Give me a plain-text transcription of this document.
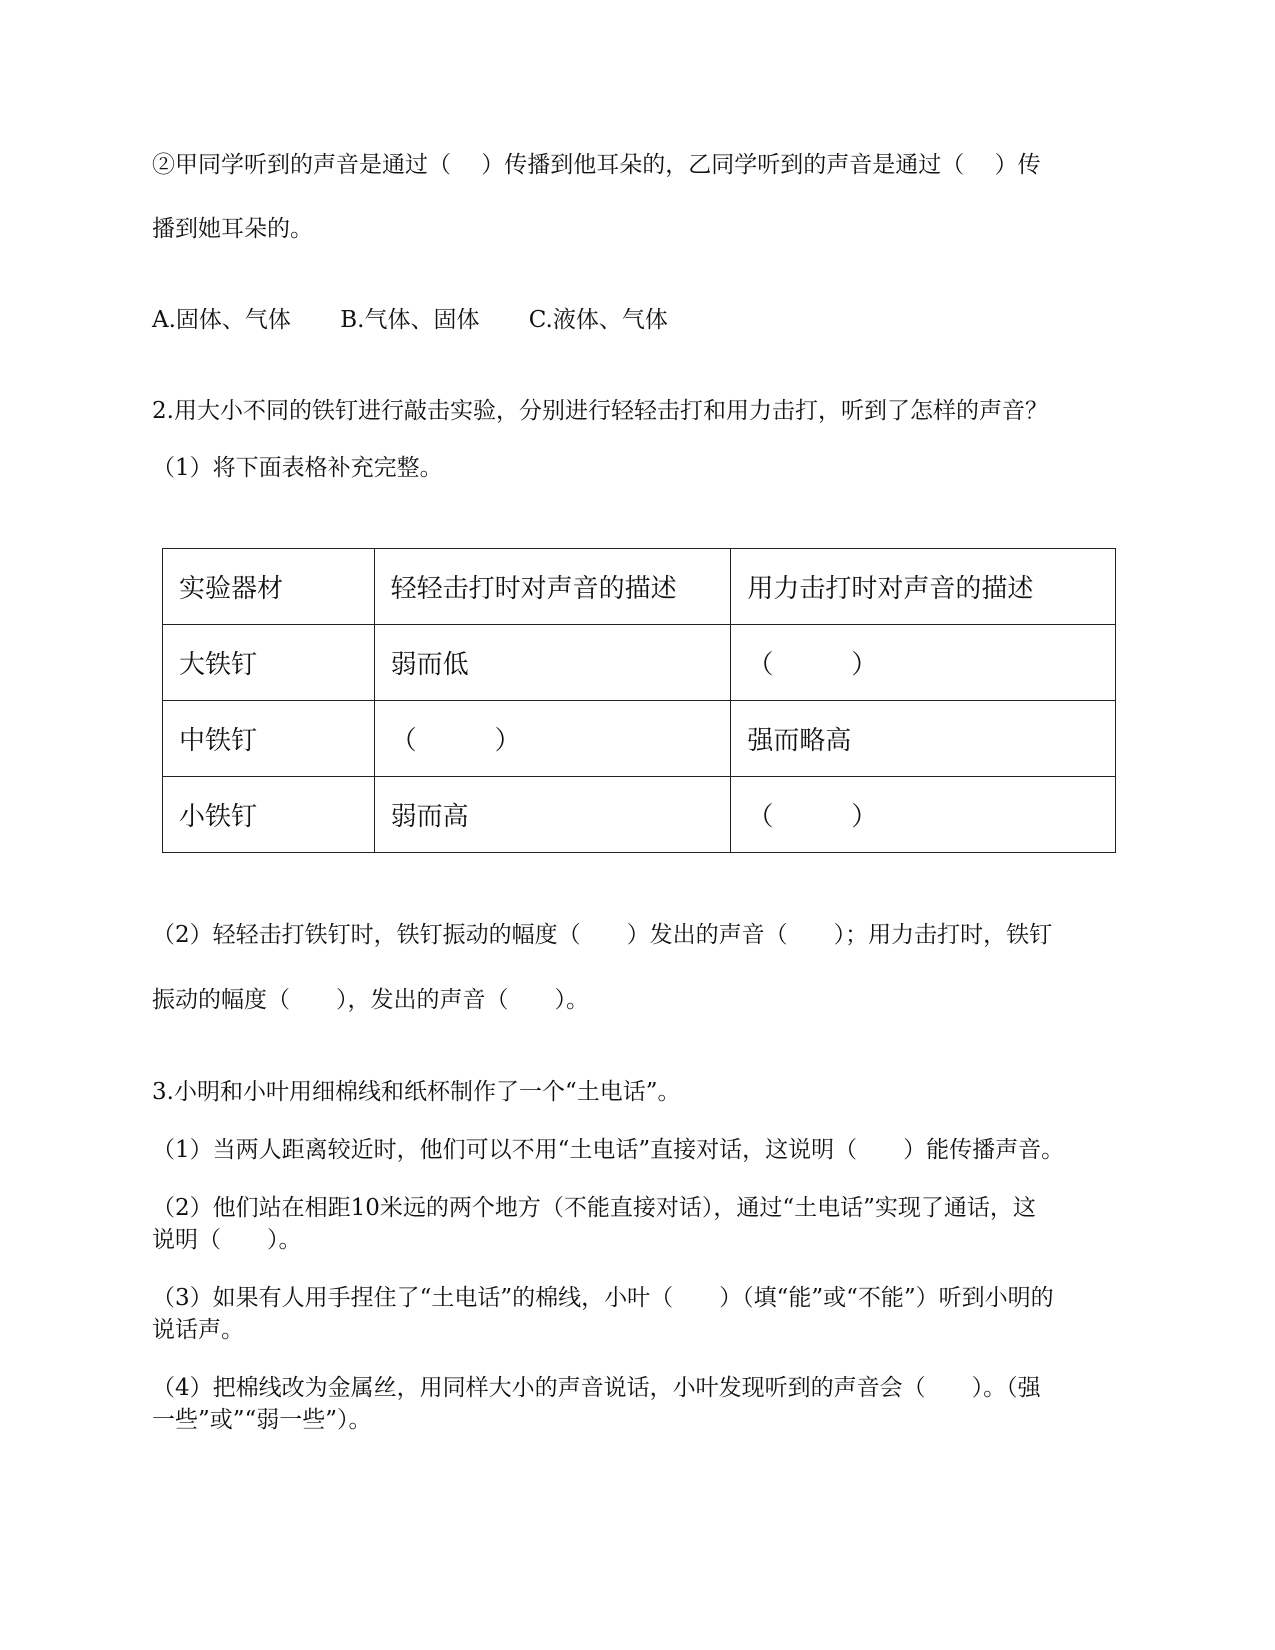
②甲同学听到的声音是通过（　 ）传播到他耳朵的，乙同学听到的声音是通过（　 ）传
播到她耳朵的。
A.固体、气体 B.气体、固体 C.液体、气体
2.用大小不同的铁钉进行敲击实验，分别进行轻轻击打和用力击打，听到了怎样的声音？
（1）将下面表格补充完整。
实验器材	轻轻击打时对声音的描述	用力击打时对声音的描述
大铁钉	弱而低	（　　　）
中铁钉	（　　　）	强而略高
小铁钉	弱而高	（　　　）
（2）轻轻击打铁钉时，铁钉振动的幅度（　　）发出的声音（　　）；用力击打时，铁钉
振动的幅度（　　），发出的声音（　　）。
3.小明和小叶用细棉线和纸杯制作了一个“土电话”。
（1）当两人距离较近时，他们可以不用“土电话”直接对话，这说明（　　）能传播声音。
（2）他们站在相距10米远的两个地方（不能直接对话），通过“土电话”实现了通话，这
说明（　　）。
（3）如果有人用手捏住了“土电话”的棉线，小叶（　　）（填“能”或“不能”）听到小明的
说话声。
（4）把棉线改为金属丝，用同样大小的声音说话，小叶发现听到的声音会（　　）。（强
一些”或”“弱一些”）。
